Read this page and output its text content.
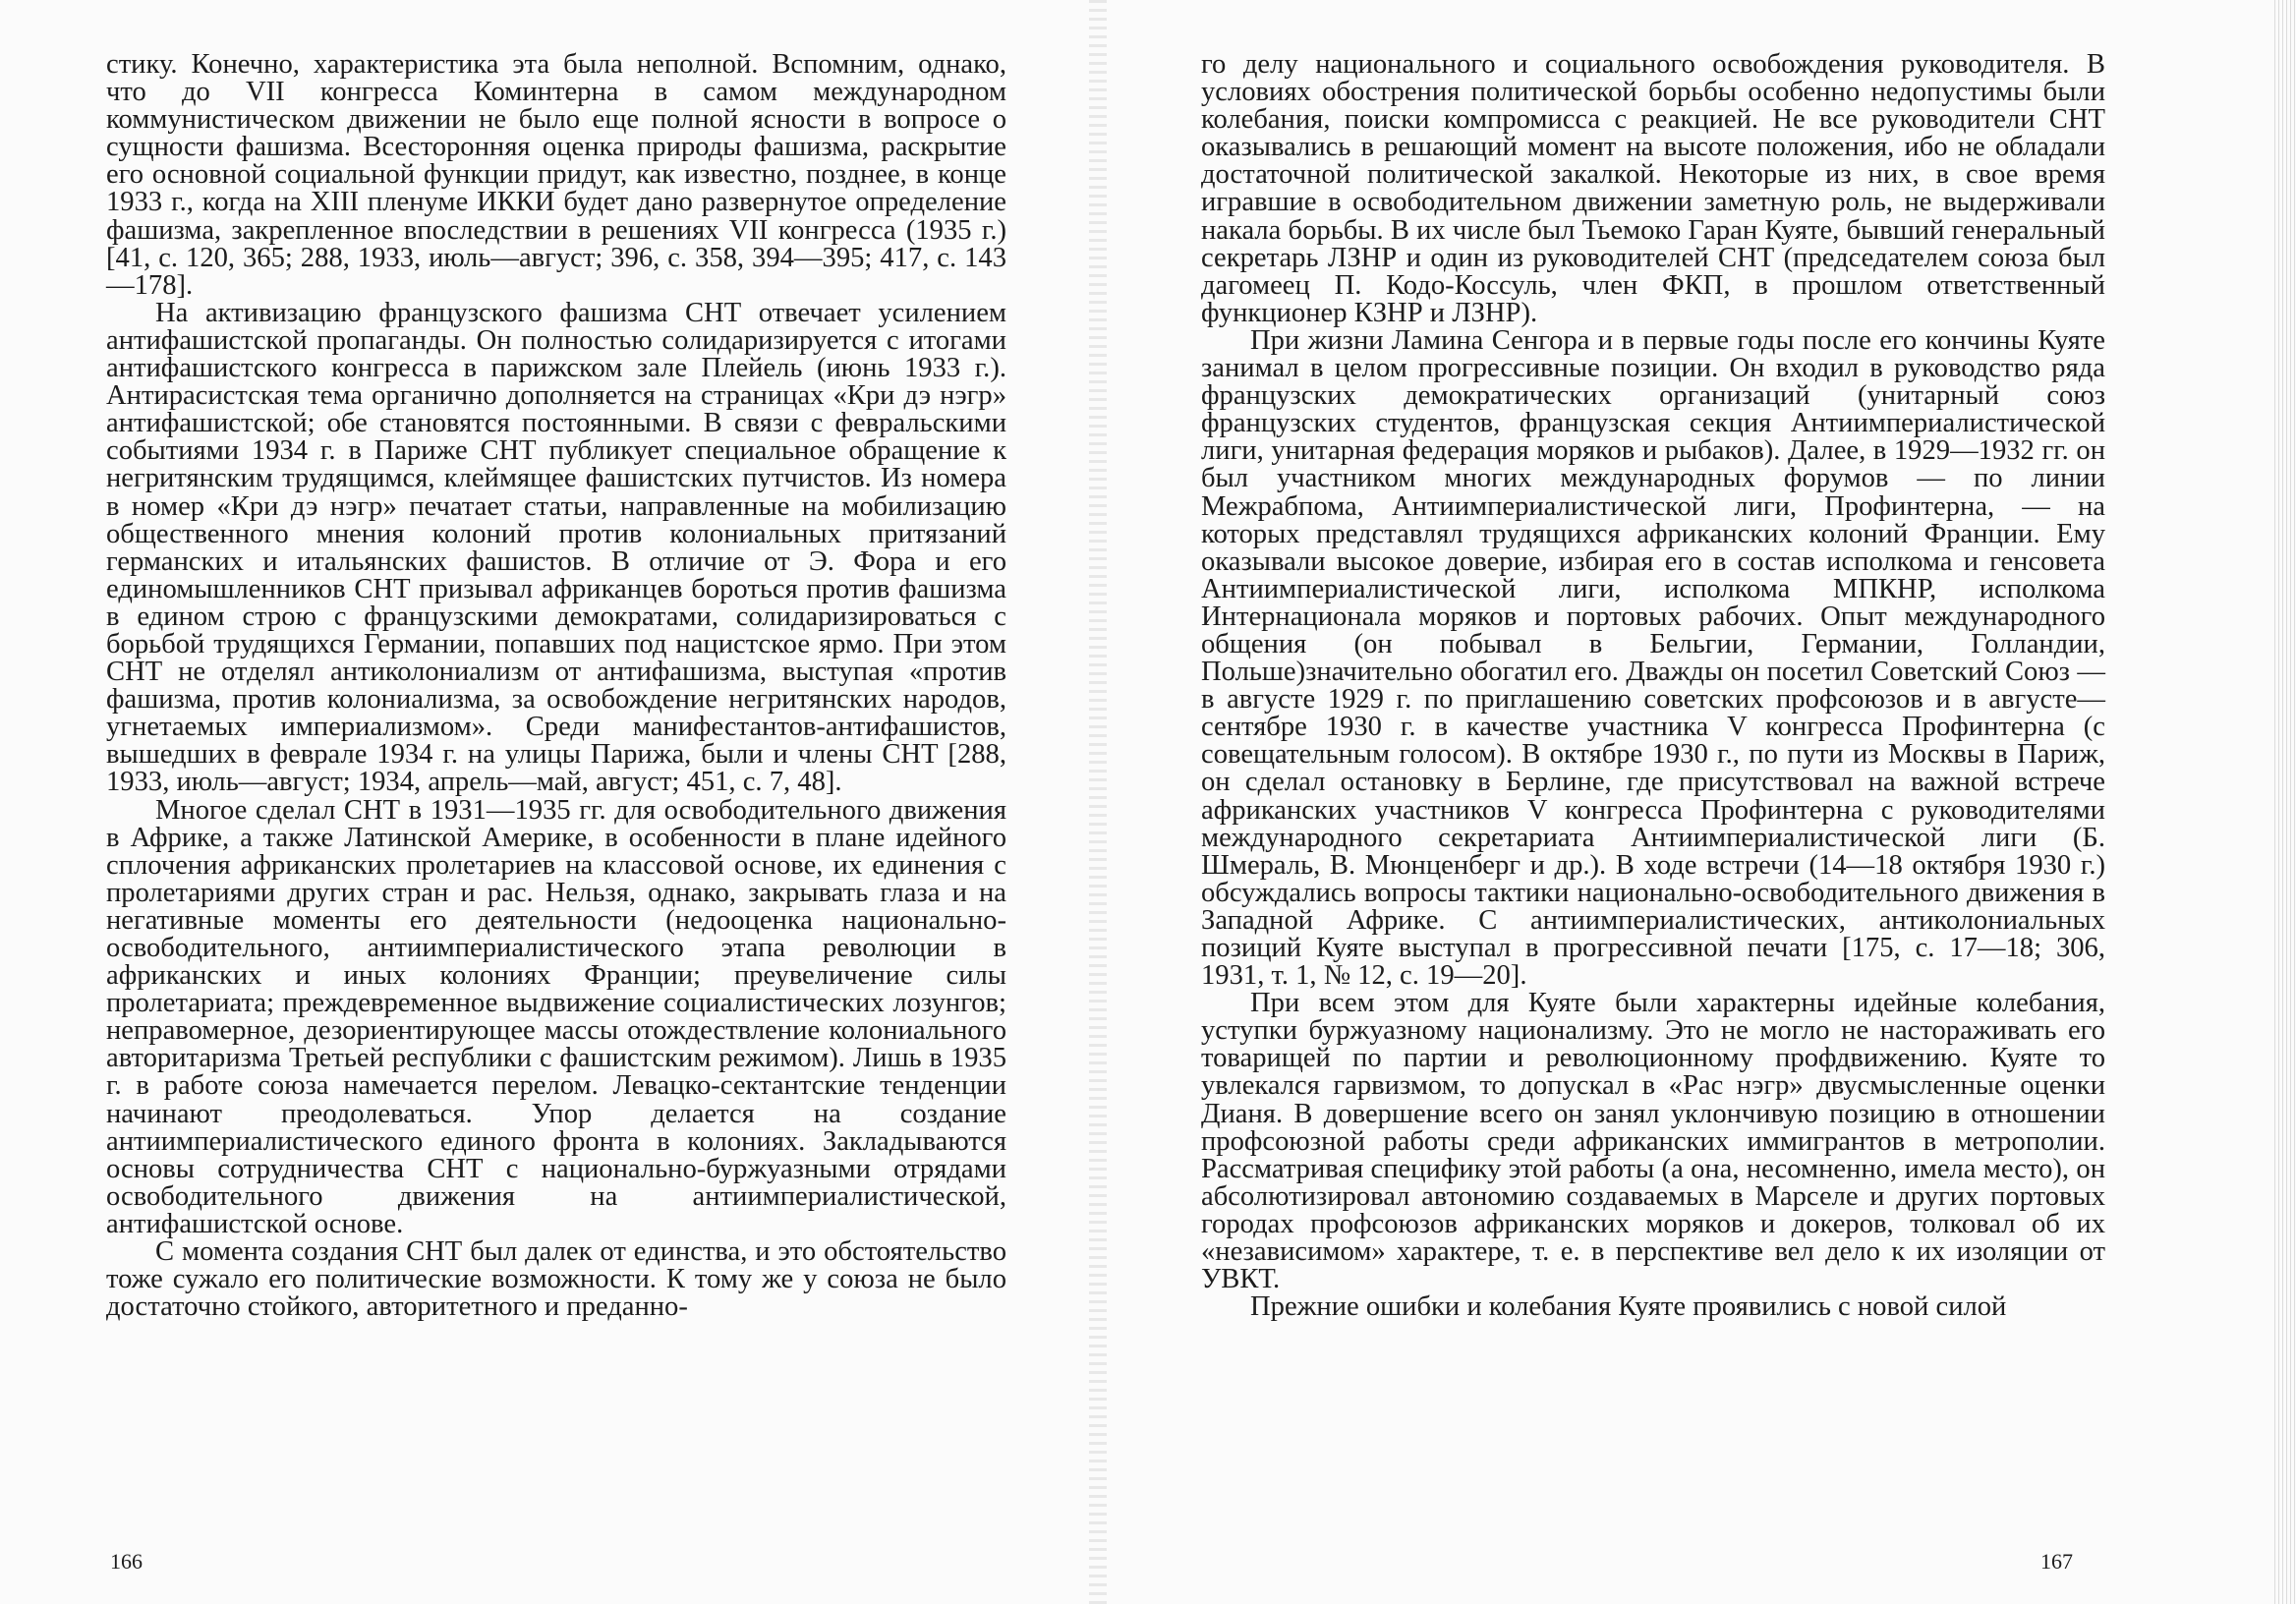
стику. Конечно, характеристика эта была неполной. Вспомним, однако, что до VII конгресса Коминтерна в самом международном коммунистическом движении не было еще полной ясности в вопросе о сущности фашизма. Всесторонняя оценка природы фашизма, раскрытие его основной социальной функции придут, как известно, позднее, в конце 1933 г., когда на XIII пленуме ИККИ будет дано развернутое определение фашизма, закрепленное впоследствии в решениях VII конгресса (1935 г.) [41, с. 120, 365; 288, 1933, июль—август; 396, с. 358, 394—395; 417, с. 143—178].

На активизацию французского фашизма СНТ отвечает усилением антифашистской пропаганды. Он полностью солидаризируется с итогами антифашистского конгресса в парижском зале Плейель (июнь 1933 г.). Антирасистская тема органично дополняется на страницах «Кри дэ нэгр» антифашистской; обе становятся постоянными. В связи с февральскими событиями 1934 г. в Париже СНТ публикует специальное обращение к негритянским трудящимся, клеймящее фашистских путчистов. Из номера в номер «Кри дэ нэгр» печатает статьи, направленные на мобилизацию общественного мнения колоний против колониальных притязаний германских и итальянских фашистов. В отличие от Э. Фора и его единомышленников СНТ призывал африканцев бороться против фашизма в едином строю с французскими демократами, солидаризироваться с борьбой трудящихся Германии, попавших под нацистское ярмо. При этом СНТ не отделял антиколониализм от антифашизма, выступая «против фашизма, против колониализма, за освобождение негритянских народов, угнетаемых империализмом». Среди манифестантов-антифашистов, вышедших в феврале 1934 г. на улицы Парижа, были и члены СНТ [288, 1933, июль—август; 1934, апрель—май, август; 451, с. 7, 48].

Многое сделал СНТ в 1931—1935 гг. для освободительного движения в Африке, а также Латинской Америке, в особенности в плане идейного сплочения африканских пролетариев на классовой основе, их единения с пролетариями других стран и рас. Нельзя, однако, закрывать глаза и на негативные моменты его деятельности (недооценка национально-освободительного, антиимпериалистического этапа революции в африканских и иных колониях Франции; преувеличение силы пролетариата; преждевременное выдвижение социалистических лозунгов; неправомерное, дезориентирующее массы отождествление колониального авторитаризма Третьей республики с фашистским режимом). Лишь в 1935 г. в работе союза намечается перелом. Левацко-сектантские тенденции начинают преодолеваться. Упор делается на создание антиимпериалистического единого фронта в колониях. Закладываются основы сотрудничества СНТ с национально-буржуазными отрядами освободительного движения на антиимпериалистической, антифашистской основе.

С момента создания СНТ был далек от единства, и это обстоятельство тоже сужало его политические возможности. К тому же у союза не было достаточно стойкого, авторитетного и преданно-

166

го делу национального и социального освобождения руководителя. В условиях обострения политической борьбы особенно недопустимы были колебания, поиски компромисса с реакцией. Не все руководители СНТ оказывались в решающий момент на высоте положения, ибо не обладали достаточной политической закалкой. Некоторые из них, в свое время игравшие в освободительном движении заметную роль, не выдерживали накала борьбы. В их числе был Тьемоко Гаран Куяте, бывший генеральный секретарь ЛЗНР и один из руководителей СНТ (председателем союза был дагомеец П. Кодо-Коссуль, член ФКП, в прошлом ответственный функционер КЗНР и ЛЗНР).

При жизни Ламина Сенгора и в первые годы после его кончины Куяте занимал в целом прогрессивные позиции. Он входил в руководство ряда французских демократических организаций (унитарный союз французских студентов, французская секция Антиимпериалистической лиги, унитарная федерация моряков и рыбаков). Далее, в 1929—1932 гг. он был участником многих международных форумов — по линии Межрабпома, Антиимпериалистической лиги, Профинтерна, — на которых представлял трудящихся африканских колоний Франции. Ему оказывали высокое доверие, избирая его в состав исполкома и генсовета Антиимпериалистической лиги, исполкома МПКНР, исполкома Интернационала моряков и портовых рабочих. Опыт международного общения (он побывал в Бельгии, Германии, Голландии, Польше)значительно обогатил его. Дважды он посетил Советский Союз — в августе 1929 г. по приглашению советских профсоюзов и в августе—сентябре 1930 г. в качестве участника V конгресса Профинтерна (с совещательным голосом). В октябре 1930 г., по пути из Москвы в Париж, он сделал остановку в Берлине, где присутствовал на важной встрече африканских участников V конгресса Профинтерна с руководителями международного секретариата Антиимпериалистической лиги (Б. Шмераль, В. Мюнценберг и др.). В ходе встречи (14—18 октября 1930 г.) обсуждались вопросы тактики национально-освободительного движения в Западной Африке. С антиимпериалистических, антиколониальных позиций Куяте выступал в прогрессивной печати [175, с. 17—18; 306, 1931, т. 1, № 12, с. 19—20].

При всем этом для Куяте были характерны идейные колебания, уступки буржуазному национализму. Это не могло не настораживать его товарищей по партии и революционному профдвижению. Куяте то увлекался гарвизмом, то допускал в «Рас нэгр» двусмысленные оценки Дианя. В довершение всего он занял уклончивую позицию в отношении профсоюзной работы среди африканских иммигрантов в метрополии. Рассматривая специфику этой работы (а она, несомненно, имела место), он абсолютизировал автономию создаваемых в Марселе и других портовых городах профсоюзов африканских моряков и докеров, толковал об их «независимом» характере, т. е. в перспективе вел дело к их изоляции от УВКТ.

Прежние ошибки и колебания Куяте проявились с новой силой

167
